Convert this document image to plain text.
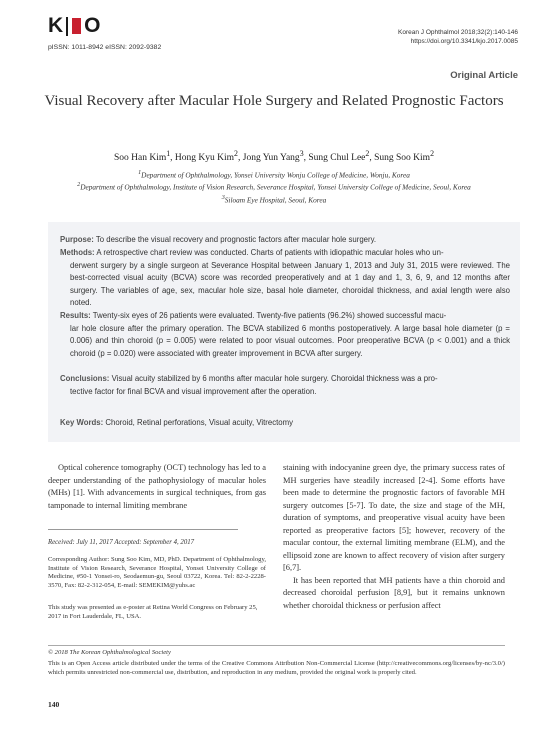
K O
pISSN: 1011-8942 eISSN: 2092-9382
Korean J Ophthalmol 2018;32(2):140-146
https://doi.org/10.3341/kjo.2017.0085
Original Article
Visual Recovery after Macular Hole Surgery and Related Prognostic Factors
Soo Han Kim$^1$, Hong Kyu Kim$^2$, Jong Yun Yang$^3$, Sung Chul Lee$^2$, Sung Soo Kim$^2$
$^1$Department of Ophthalmology, Yonsei University Wonju College of Medicine, Wonju, Korea
$^2$Department of Ophthalmology, Institute of Vision Research, Severance Hospital, Yonsei University College of Medicine, Seoul, Korea
$^3$Siloam Eye Hospital, Seoul, Korea

Purpose: To describe the visual recovery and prognostic factors after macular hole surgery.

Methods: A retrospective chart review was conducted. Charts of patients with idiopathic macular holes who un-
derwent surgery by a single surgeon at Severance Hospital between January 1, 2013 and July 31, 2015 were reviewed. The best-corrected visual acuity (BCVA) score was recorded preoperatively and at 1 day and 1, 3, 6, 9, and 12 months after surgery. The variables of age, sex, macular hole size, basal hole diameter, choroidal thickness, and axial length were also noted.

Results: Twenty-six eyes of 26 patients were evaluated. Twenty-five patients (96.2%) showed successful macu-
lar hole closure after the primary operation. The BCVA stabilized 6 months postoperatively. A large basal hole diameter (p = 0.006) and thin choroid (p = 0.005) were related to poor visual outcomes. Poor preoperative BCVA (p < 0.001) and a thick choroid (p = 0.020) were associated with greater improvement in BCVA after surgery.

Conclusions: Visual acuity stabilized by 6 months after macular hole surgery. Choroidal thickness was a pro-
tective factor for final BCVA and visual improvement after the operation.

Key Words: Choroid, Retinal perforations, Visual acuity, Vitrectomy
Optical coherence tomography (OCT) technology has led to a deeper understanding of the pathophysiology of macular holes (MHs) [1]. With advancements in surgical techniques, from gas tamponade to internal limiting membrane
staining with indocyanine green dye, the primary success rates of MH surgeries have steadily increased [2-4]. Some efforts have been made to determine the prognostic factors of favorable MH surgery outcomes [5-7]. To date, the size and stage of the MH, duration of symptoms, and preoperative visual acuity have been reported as preoperative factors [5]; however, recovery of the macular contour, the external limiting membrane (ELM), and the ellipsoid zone are known to affect recovery of vision after surgery [6,7].
It has been reported that MH patients have a thin choroid and decreased choroidal perfusion [8,9], but it remains unknown whether choroidal thickness or perfusion affect
Received: July 11, 2017 Accepted: September 4, 2017
Corresponding Author: Sung Soo Kim, MD, PhD. Department of Ophthalmology, Institute of Vision Research, Severance Hospital, Yonsei University College of Medicine, #50-1 Yonsei-ro, Seodaemun-gu, Seoul 03722, Korea. Tel: 82-2-2228-3570, Fax: 82-2-312-054, E-mail: SEMEKIM@yuhs.ac
This study was presented as e-poster at Retina World Congress on February 25, 2017 in Fort Lauderdale, FL, USA.
© 2018 The Korean Ophthalmological Society
This is an Open Access article distributed under the terms of the Creative Commons Attribution Non-Commercial License (http://creativecommons.org/licenses/by-nc/3.0/) which permits unrestricted non-commercial use, distribution, and reproduction in any medium, provided the original work is properly cited.
140
